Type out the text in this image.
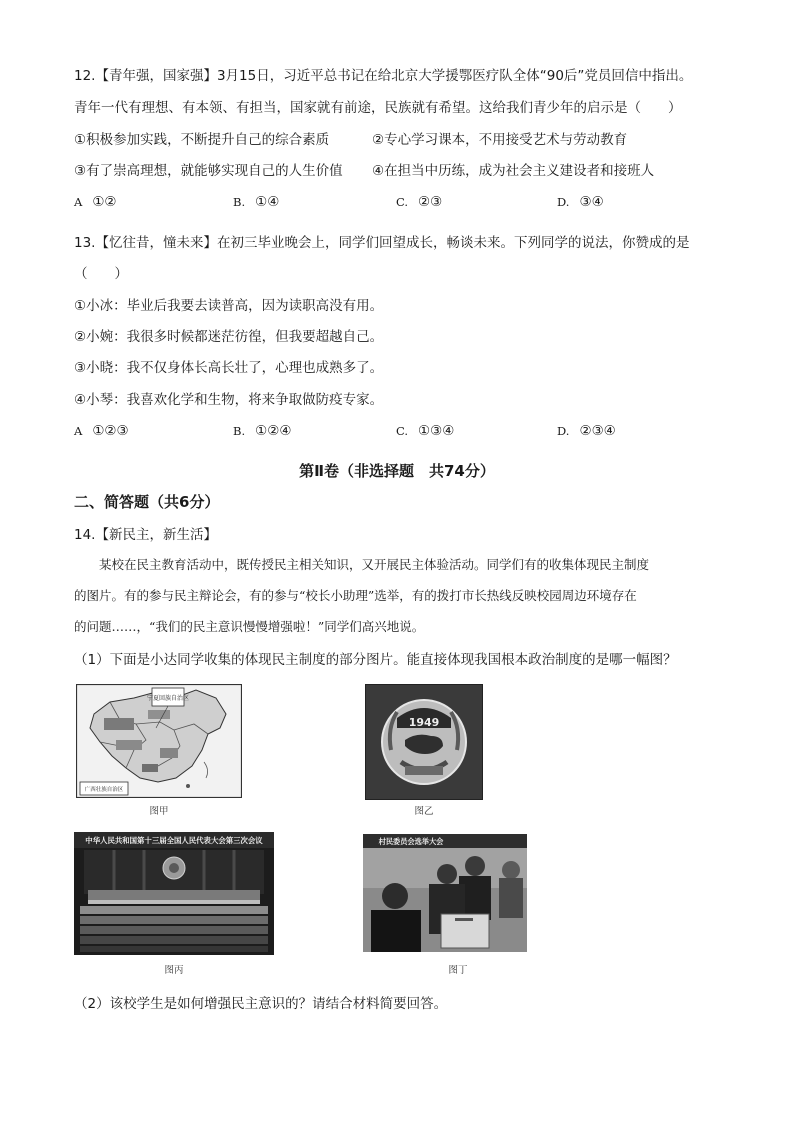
12.【青年强，国家强】3月15日，习近平总书记在给北京大学援鄂医疗队全体“90后”党员回信中指出。
青年一代有理想、有本领、有担当，国家就有前途，民族就有希望。这给我们青少年的启示是（　　）
①积极参加实践，不断提升自己的综合素质	②专心学习课本，不用接受艺术与劳动教育
③有了崇高理想，就能够实现自己的人生价值 ④在担当中历练，成为社会主义建设者和接班人
A ①②	B. ①④	C. ②③	D. ③④
13.【忆往昔，憧未来】在初三毕业晚会上，同学们回望成长，畅谈未来。下列同学的说法，你赞成的是
（　　）
①小冰：毕业后我要去读普高，因为读职高没有用。
②小婉：我很多时候都迷茫彷徨，但我要超越自己。
③小晓：我不仅身体长高长壮了，心理也成熟多了。
④小琴：我喜欢化学和生物，将来争取做防疫专家。
A ①②③	B. ①②④	C. ①③④	D. ②③④
第Ⅱ卷（非选择题　共74分）
二、简答题（共6分）
14.【新民主，新生活】
　　某校在民主教育活动中，既传授民主相关知识，又开展民主体验活动。同学们有的收集体现民主制度
的图片。有的参与民主辩论会，有的参与“校长小助理”选举，有的拨打市长热线反映校园周边环境存在
的问题……，“我们的民主意识慢慢增强啦！”同学们高兴地说。
（1）下面是小达同学收集的体现民主制度的部分图片。能直接体现我国根本政治制度的是哪一幅图？
宁夏回族自治区
广西壮族自治区
图甲
1949
图乙
中华人民共和国第十三届全国人民代表大会第三次会议
图丙
村民委员会选举大会
图丁
（2）该校学生是如何增强民主意识的？请结合材料简要回答。
